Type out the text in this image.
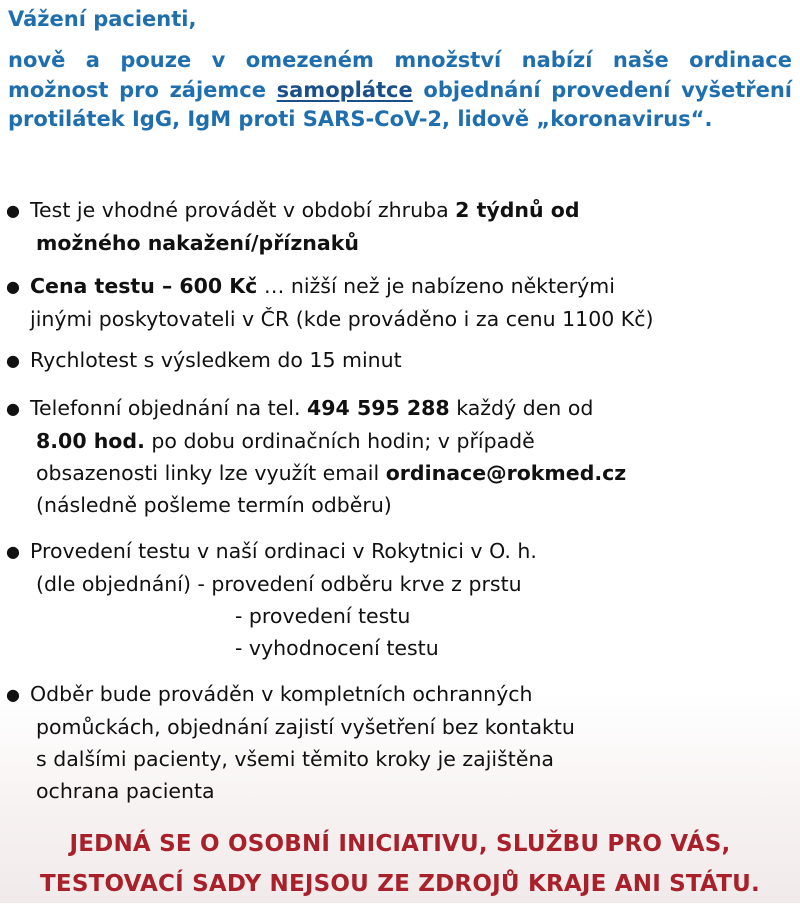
Vážení pacienti,
nově a pouze v omezeném množství nabízí naše ordinace možnost pro zájemce samoplátce objednání provedení vyšetření protilátek IgG, IgM proti SARS-CoV-2, lidově „koronavirus“.
● Test je vhodné provádět v období zhruba 2 týdnů od
možného nakažení/příznaků
● Cena testu – 600 Kč … nižší než je nabízeno některými
jinými poskytovateli v ČR (kde prováděno i za cenu 1100 Kč)
● Rychlotest s výsledkem do 15 minut
● Telefonní objednání na tel. 494 595 288 každý den od
8.00 hod. po dobu ordinačních hodin; v případě
obsazenosti linky lze využít email ordinace@rokmed.cz
(následně pošleme termín odběru)
● Provedení testu v naší ordinaci v Rokytnici v O. h.
(dle objednání) - provedení odběru krve z prstu
- provedení testu
- vyhodnocení testu
● Odběr bude prováděn v kompletních ochranných
pomůckách, objednání zajistí vyšetření bez kontaktu
s dalšími pacienty, všemi těmito kroky je zajištěna
ochrana pacienta
JEDNÁ SE O OSOBNÍ INICIATIVU, SLUŽBU PRO VÁS,
TESTOVACÍ SADY NEJSOU ZE ZDROJŮ KRAJE ANI STÁTU.
